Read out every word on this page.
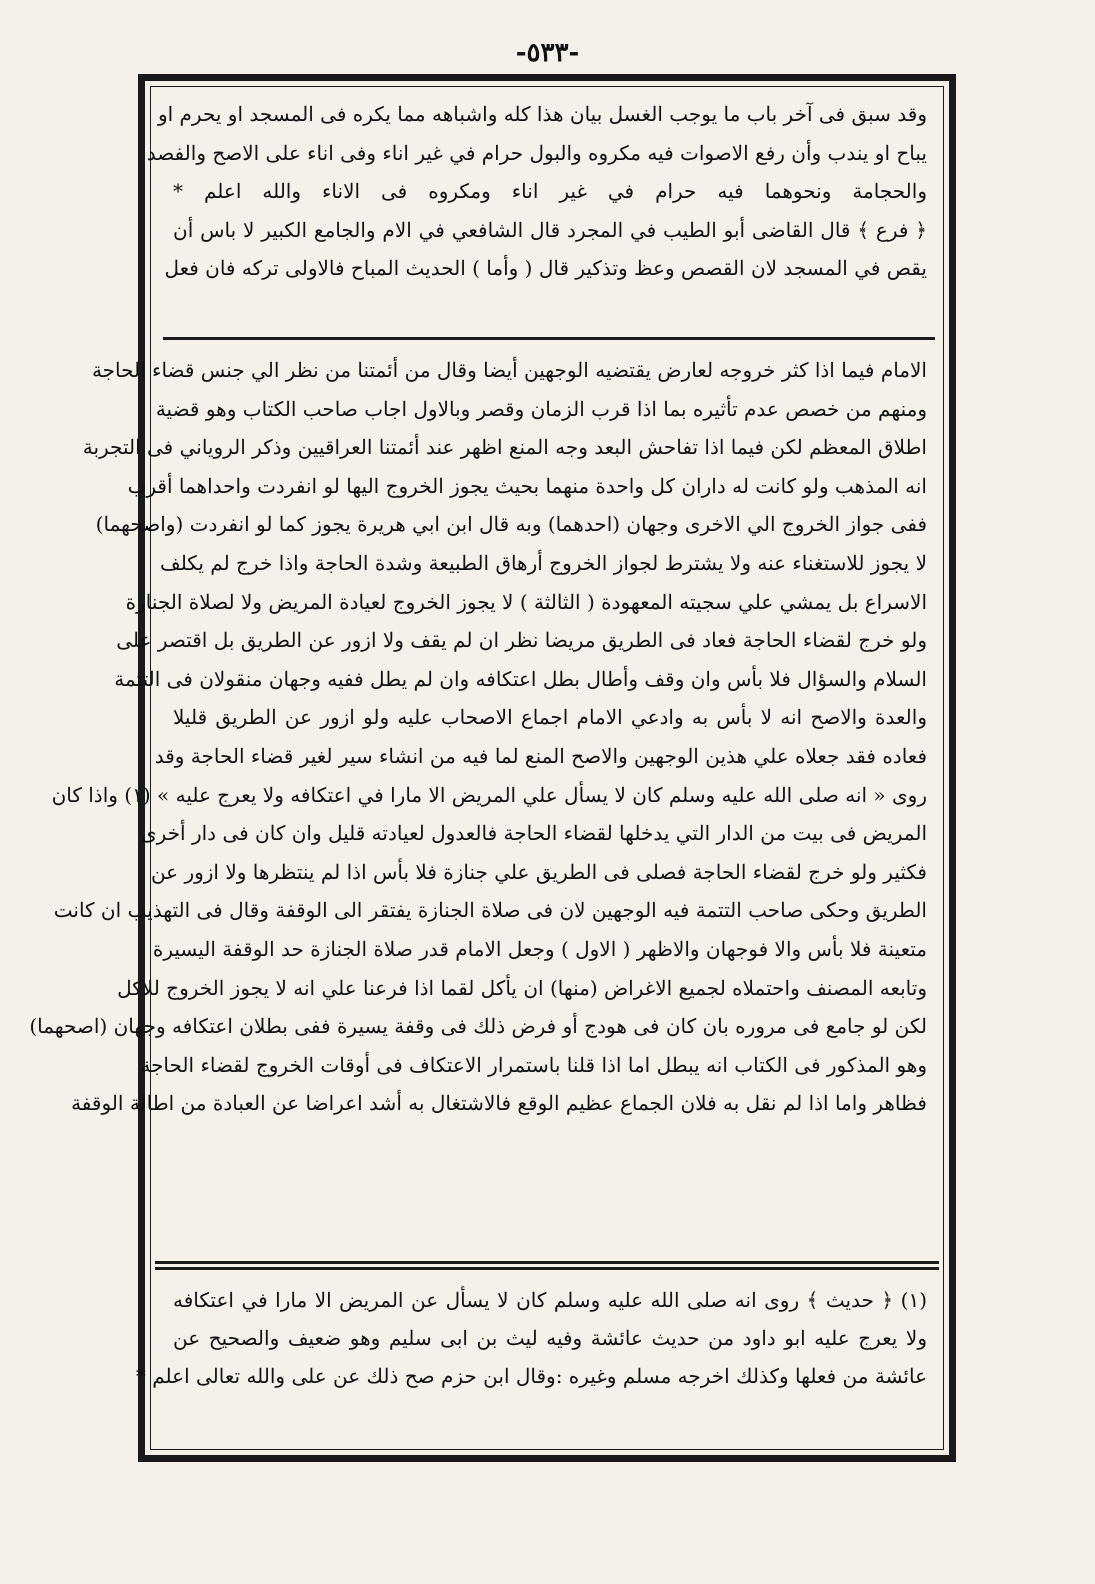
-٥٣٣-

وقد سبق فى آخر باب ما يوجب الغسل بيان هذا كله واشباهه مما يكره فى المسجد او يحرم او

يباح او يندب وأن رفع الاصوات فيه مكروه والبول حرام في غير اناء وفى اناء على الاصح والفصد

والحجامة ونحوهما فيه حرام في غير اناء ومكروه فى الاناء والله اعلم *

﴿ فرع ﴾ قال القاضى أبو الطيب في المجرد قال الشافعي في الام والجامع الكبير لا باس أن

يقص في المسجد لان القصص وعظ وتذكير قال ( وأما ) الحديث المباح فالاولى تركه فان فعل

الامام فيما اذا كثر خروجه لعارض يقتضيه الوجهين أيضا وقال من أئمتنا من نظر الي جنس قضاء الحاجة

ومنهم من خصص عدم تأثيره بما اذا قرب الزمان وقصر وبالاول اجاب صاحب الكتاب وهو قضية

اطلاق المعظم لكن فيما اذا تفاحش البعد وجه المنع اظهر عند أئمتنا العراقيين وذكر الروياني فى التجربة

انه المذهب ولو كانت له داران كل واحدة منهما بحيث يجوز الخروج اليها لو انفردت واحداهما أقرب

ففى جواز الخروج الي الاخرى وجهان (احدهما) وبه قال ابن ابي هريرة يجوز كما لو انفردت (واصحهما)

لا يجوز للاستغناء عنه ولا يشترط لجواز الخروج أرهاق الطبيعة وشدة الحاجة واذا خرج لم يكلف

الاسراع بل يمشي علي سجيته المعهودة ( الثالثة ) لا يجوز الخروج لعيادة المريض ولا لصلاة الجنازة

ولو خرج لقضاء الحاجة فعاد فى الطريق مريضا نظر ان لم يقف ولا ازور عن الطريق بل اقتصر على

السلام والسؤال فلا بأس وان وقف وأطال بطل اعتكافه وان لم يطل ففيه وجهان منقولان فى التتمة

والعدة والاصح انه لا بأس به وادعي الامام اجماع الاصحاب عليه ولو ازور عن الطريق قليلا

فعاده فقد جعلاه علي هذين الوجهين والاصح المنع لما فيه من انشاء سير لغير قضاء الحاجة وقد

روى « انه صلى الله عليه وسلم كان لا يسأل علي المريض الا مارا في اعتكافه ولا يعرج عليه » (١) واذا كان

المريض فى بيت من الدار التي يدخلها لقضاء الحاجة فالعدول لعيادته قليل وان كان فى دار أخرى

فكثير ولو خرج لقضاء الحاجة فصلى فى الطريق علي جنازة فلا بأس اذا لم ينتظرها ولا ازور عن

الطريق وحكى صاحب التتمة فيه الوجهين لان فى صلاة الجنازة يفتقر الى الوقفة وقال فى التهذيب ان كانت

متعينة فلا بأس والا فوجهان والاظهر ( الاول ) وجعل الامام قدر صلاة الجنازة حد الوقفة اليسيرة

وتابعه المصنف واحتملاه لجميع الاغراض (منها) ان يأكل لقما اذا فرعنا علي انه لا يجوز الخروج للاكل

لكن لو جامع فى مروره بان كان فى هودج أو فرض ذلك فى وقفة يسيرة ففى بطلان اعتكافه وجهان (اصحهما)

وهو المذكور فى الكتاب انه يبطل اما اذا قلنا باستمرار الاعتكاف فى أوقات الخروج لقضاء الحاجة

فظاهر واما اذا لم نقل به فلان الجماع عظيم الوقع فالاشتغال به أشد اعراضا عن العبادة من اطالة الوقفة

(١) ﴿ حديث ﴾ روى انه صلى الله عليه وسلم كان لا يسأل عن المريض الا مارا في اعتكافه

ولا يعرج عليه ابو داود من حديث عائشة وفيه ليث بن ابى سليم وهو ضعيف والصحيح عن

عائشة من فعلها وكذلك اخرجه مسلم وغيره :وقال ابن حزم صح ذلك عن على والله تعالى اعلم *
